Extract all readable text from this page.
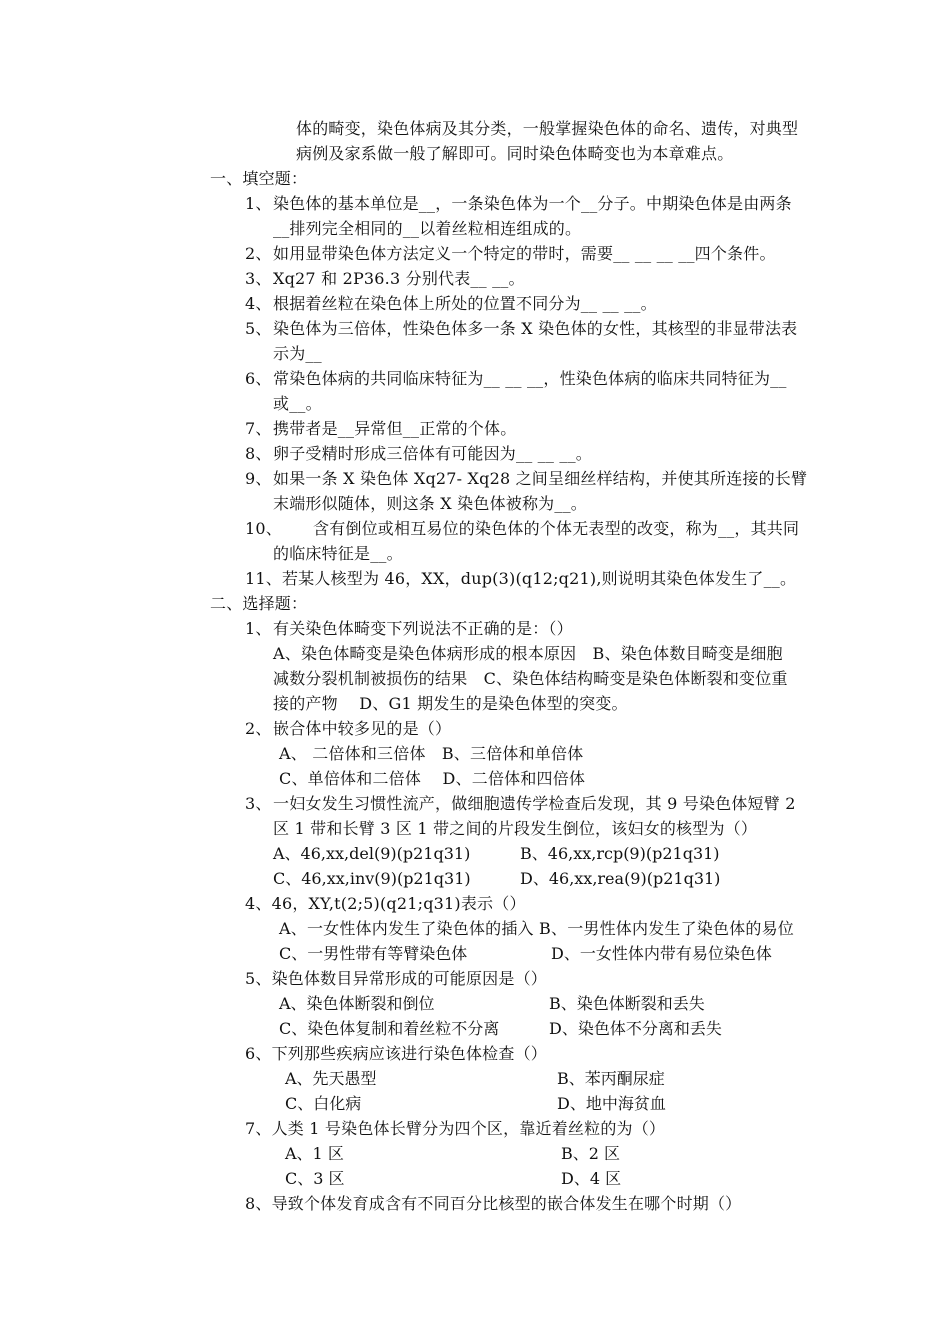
体的畸变，染色体病及其分类，一般掌握染色体的命名、遗传，对典型
病例及家系做一般了解即可。同时染色体畸变也为本章难点。
一、填空题：
1、 染色体的基本单位是__，一条染色体为一个__分子。中期染色体是由两条
__排列完全相同的__以着丝粒相连组成的。
2、 如用显带染色体方法定义一个特定的带时，需要__ __ __ __四个条件。
3、 Xq27 和 2P36.3 分别代表__ __。
4、 根据着丝粒在染色体上所处的位置不同分为__ __ __。
5、 染色体为三倍体，性染色体多一条 X 染色体的女性，其核型的非显带法表
示为__
6、 常染色体病的共同临床特征为__ __ __，性染色体病的临床共同特征为__
或__。
7、 携带者是__异常但__正常的个体。
8、 卵子受精时形成三倍体有可能因为__ __ __。
9、 如果一条 X 染色体 Xq27- Xq28 之间呈细丝样结构，并使其所连接的长臂
末端形似随体，则这条 X 染色体被称为__。
10、 含有倒位或相互易位的染色体的个体无表型的改变，称为__，其共同
的临床特征是__。
11、若某人核型为 46，XX，dup(3)(q12;q21),则说明其染色体发生了__。
二、选择题：
1、 有关染色体畸变下列说法不正确的是：（）
A、染色体畸变是染色体病形成的根本原因　B、染色体数目畸变是细胞
减数分裂机制被损伤的结果　C、染色体结构畸变是染色体断裂和变位重
接的产物　 D、G1 期发生的是染色体型的突变。
2、 嵌合体中较多见的是（）
A、 二倍体和三倍体　B、三倍体和单倍体
C、单倍体和二倍体　 D、二倍体和四倍体
3、 一妇女发生习惯性流产，做细胞遗传学检查后发现，其 9 号染色体短臂 2
区 1 带和长臂 3 区 1 带之间的片段发生倒位，该妇女的核型为（）
A、46,xx,del(9)(p21q31)	B、46,xx,rcp(9)(p21q31)
C、46,xx,inv(9)(p21q31)	D、46,xx,rea(9)(p21q31)
4、46，XY,t(2;5)(q21;q31)表示（）
A、一女性体内发生了染色体的插入 B、一男性体内发生了染色体的易位
C、一男性带有等臂染色体	D、一女性体内带有易位染色体
5、染色体数目异常形成的可能原因是（）
A、染色体断裂和倒位	B、染色体断裂和丢失
C、染色体复制和着丝粒不分离	D、染色体不分离和丢失
6、下列那些疾病应该进行染色体检查（）
A、先天愚型	B、苯丙酮尿症
C、白化病	D、地中海贫血
7、人类 1 号染色体长臂分为四个区，靠近着丝粒的为（）
A、1 区	B、2 区
C、3 区	D、4 区
8、导致个体发育成含有不同百分比核型的嵌合体发生在哪个时期（）
